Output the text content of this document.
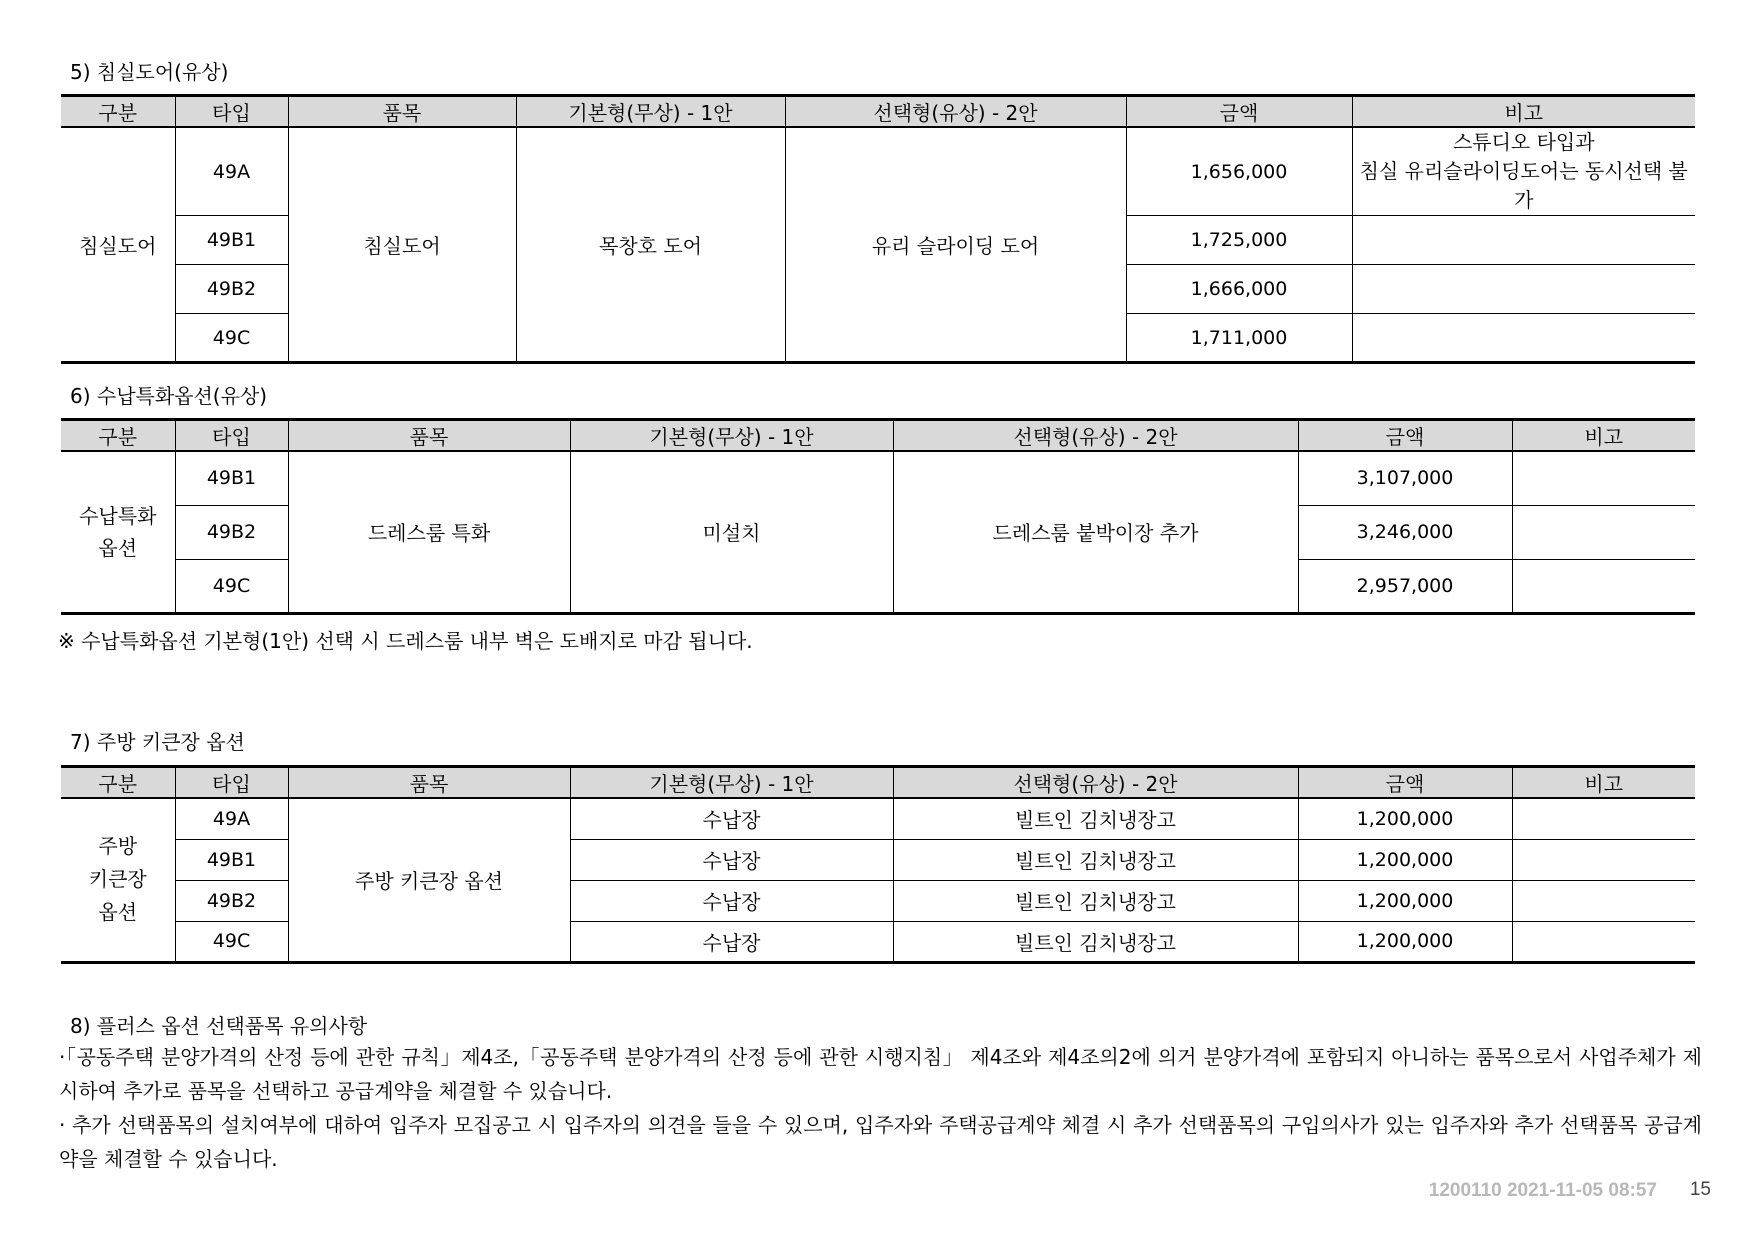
5) 침실도어(유상)
구분	타입	품목	기본형(무상) - 1안	선택형(유상) - 2안	금액	비고
침실도어	49A	침실도어	목창호 도어	유리 슬라이딩 도어	1,656,000	스튜디오 타입과
침실 유리슬라이딩도어는 동시선택 불가

	49B1				1,725,000	
	49B2				1,666,000	
	49C				1,711,000	
6) 수납특화옵션(유상)
구분	타입	품목	기본형(무상) - 1안	선택형(유상) - 2안	금액	비고

수납특화
옵션	49B1	드레스룸 특화	미설치	드레스룸 붙박이장 추가	3,107,000	
	49B2				3,246,000	
	49C				2,957,000	
※ 수납특화옵션 기본형(1안) 선택 시 드레스룸 내부 벽은 도배지로 마감 됩니다.
7) 주방 키큰장 옵션
구분	타입	품목	기본형(무상) - 1안	선택형(유상) - 2안	금액	비고

주방
키큰장
옵션	49A	주방 키큰장 옵션	수납장	빌트인 김치냉장고	1,200,000	
	49B1		수납장	빌트인 김치냉장고	1,200,000	
	49B2		수납장	빌트인 김치냉장고	1,200,000	
	49C		수납장	빌트인 김치냉장고	1,200,000	
8) 플러스 옵션 선택품목 유의사항
·「공동주택 분양가격의 산정 등에 관한 규칙」제4조,「공동주택 분양가격의 산정 등에 관한 시행지침」 제4조와 제4조의2에 의거 분양가격에 포함되지 아니하는 품목으로서 사업주체가 제시하여 추가로 품목을 선택하고 공급계약을 체결할 수 있습니다.
· 추가 선택품목의 설치여부에 대하여 입주자 모집공고 시 입주자의 의견을 들을 수 있으며, 입주자와 주택공급계약 체결 시 추가 선택품목의 구입의사가 있는 입주자와 추가 선택품목 공급계약을 체결할 수 있습니다.
1200110 2021-11-05 08:57 15
